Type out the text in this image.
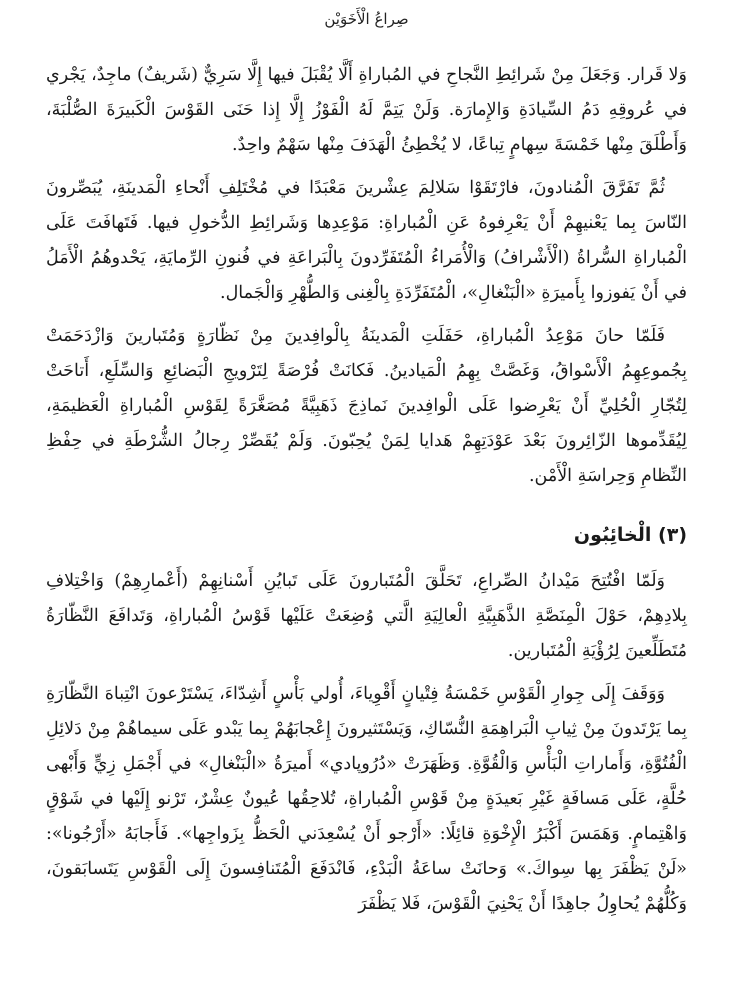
صِراعُ الْأَخَوَيْن

وَلا قَرار. وَجَعَلَ مِنْ شَرائِطِ النَّجاحِ في المُباراةِ أَلَّا يُقْبَلَ فيها إِلَّا سَرِيٌّ (شَريفٌ) ماجِدٌ، يَجْري في عُروقِهِ دَمُ السِّيادَةِ وَالإِمارَة. وَلَنْ يَتِمَّ لَهُ الْفَوْزُ إِلَّا إِذا حَنَى القَوْسَ الْكَبيرَةَ الصُّلْبَةَ، وَأَطْلَقَ مِنْها خَمْسَةَ سِهامٍ تِباعًا، لا يُخْطِئُ الْهَدَفَ مِنْها سَهْمٌ واحِدٌ.

ثُمَّ تَفَرَّقَ الْمُنادونَ، فارْتَقَوْا سَلالِمَ عِشْرينَ مَعْبَدًا في مُخْتَلِفِ أَنْحاءِ الْمَدينَةِ، يُبَصِّرونَ النّاسَ بِما يَعْنيهِمْ أَنْ يَعْرِفوهُ عَنِ الْمُباراةِ: مَوْعِدِها وَشَرائِطِ الدُّخولِ فيها. فَتَهافَتَ عَلَى الْمُباراةِ السُّراةُ (الْأَشْرافُ) وَالْأُمَراءُ الْمُتَفَرِّدونَ بِالْبَراعَةِ في فُنونِ الرِّمايَةِ، يَحْدوهُمُ الْأَمَلُ في أَنْ يَفوزوا بِأَميرَةِ «الْبَنْغالِ»، الْمُتَفَرِّدَةِ بِالْغِنى وَالطُّهْرِ وَالْجَمال.

فَلَمّا حانَ مَوْعِدُ الْمُباراةِ، حَفَلَتِ الْمَدينَةُ بِالْوافِدينَ مِنْ نَظّارَةٍ وَمُتَبارينَ وَازْدَحَمَتْ بِجُموعِهِمُ الْأَسْواقُ، وَغَصَّتْ بِهِمُ الْمَيادينُ. فَكانَتْ فُرْصَةً لِتَرْويجِ الْبَضائِعِ وَالسِّلَعِ، أَتاحَتْ لِتُجّارِ الْحُلِيِّ أَنْ يَعْرِضوا عَلَى الْوافِدينَ نَماذِجَ ذَهَبِيَّةً مُصَغَّرَةً لِقَوْسِ الْمُباراةِ الْعَظيمَةِ، لِيُقَدِّموها الزّائِرونَ بَعْدَ عَوْدَتِهِمْ هَدايا لِمَنْ يُحِبّونَ. وَلَمْ يُقَصِّرْ رِجالُ الشُّرْطَةِ في حِفْظِ النِّظامِ وَحِراسَةِ الْأَمْن.

(٣) الْخائِبُون

وَلَمّا افْتُتِحَ مَيْدانُ الصِّراعِ، تَحَلَّقَ الْمُتَبارونَ عَلَى تَبايُنِ أَسْنانِهِمْ (أَعْمارِهِمْ) وَاخْتِلافِ بِلادِهِمْ، حَوْلَ الْمِنَصَّةِ الذَّهَبِيَّةِ الْعالِيَةِ الَّتي وُضِعَتْ عَلَيْها قَوْسُ الْمُباراةِ، وَتَدافَعَ النَّظّارَةُ مُتَطَلِّعينَ لِرُؤْيَةِ الْمُتَبارين.

وَوَقَفَ إِلَى جِوارِ الْقَوْسِ خَمْسَةُ فِتْيانٍ أَقْوِياءَ، أُولي بَأْسٍ أَشِدّاءَ، يَسْتَرْعونَ انْتِباهَ النَّظّارَةِ بِما يَرْتَدونَ مِنْ ثِيابِ الْبَراهِمَةِ النُّسّاكِ، وَيَسْتَثيرونَ إِعْجابَهُمْ بِما يَبْدو عَلَى سيماهُمْ مِنْ دَلائِلِ الْفُتُوَّةِ، وَأَماراتِ الْبَأْسِ وَالْقُوَّةِ. وَظَهَرَتْ «دُرُوپادي» أَميرَةُ «الْبَنْغالِ» في أَجْمَلِ زِيٍّ وَأَبْهى حُلَّةٍ، عَلَى مَسافَةٍ غَيْرِ بَعيدَةٍ مِنْ قَوْسِ الْمُباراةِ، تُلاحِقُها عُيونٌ عِشْرٌ، تَرْنو إِلَيْها في شَوْقٍ وَاهْتِمامٍ. وَهَمَسَ أَكْبَرُ الْإِخْوَةِ قائِلًا: «أَرْجو أَنْ يُسْعِدَني الْحَظُّ بِزَواجِها». فَأَجابَهُ «أَرْجُونا»: «لَنْ يَظْفَرَ بِها سِواكَ.» وَحانَتْ ساعَةُ الْبَدْءِ، فَانْدَفَعَ الْمُتَنافِسونَ إِلَى الْقَوْسِ يَتَسابَقونَ، وَكُلُّهُمْ يُحاوِلُ جاهِدًا أَنْ يَحْنِيَ الْقَوْسَ، فَلا يَظْفَرَ
